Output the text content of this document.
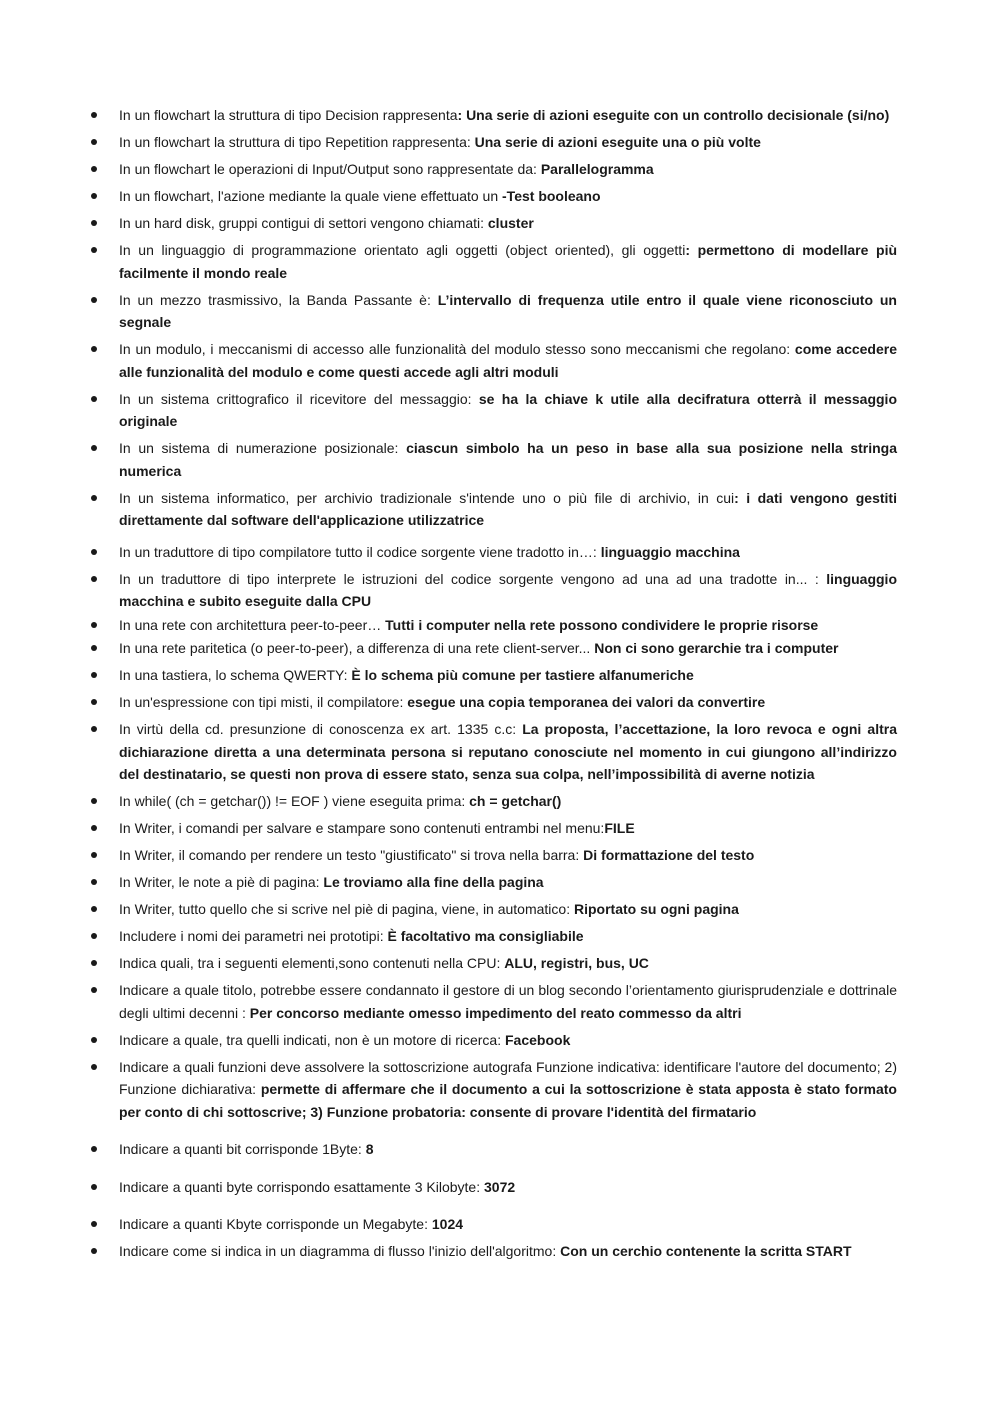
In un flowchart la struttura di tipo Decision rappresenta: Una serie di azioni eseguite con un controllo decisionale (si/no)
In un flowchart la struttura di tipo Repetition rappresenta: Una serie di azioni eseguite una o più volte
In un flowchart le operazioni di Input/Output sono rappresentate da: Parallelogramma
In un flowchart, l'azione mediante la quale viene effettuato un -Test booleano
In un hard disk, gruppi contigui di settori vengono chiamati: cluster
In un linguaggio di programmazione orientato agli oggetti (object oriented), gli oggetti: permettono di modellare più facilmente il mondo reale
In un mezzo trasmissivo, la Banda Passante è: L’intervallo di frequenza utile entro il quale viene riconosciuto un segnale
In un modulo, i meccanismi di accesso alle funzionalità del modulo stesso sono meccanismi che regolano: come accedere alle funzionalità del modulo e come questi accede agli altri moduli
In un sistema crittografico il ricevitore del messaggio: se ha la chiave k utile alla decifratura otterrà il messaggio originale
In un sistema di numerazione posizionale: ciascun simbolo ha un peso in base alla sua posizione nella stringa numerica
In un sistema informatico, per archivio tradizionale s'intende uno o più file di archivio, in cui: i dati vengono gestiti direttamente dal software dell'applicazione utilizzatrice
In un traduttore di tipo compilatore tutto il codice sorgente viene tradotto in…: linguaggio macchina
In un traduttore di tipo interprete le istruzioni del codice sorgente vengono ad una ad una tradotte in... : linguaggio macchina e subito eseguite dalla CPU
In una rete con architettura peer-to-peer… Tutti i computer nella rete possono condividere le proprie risorse
In una rete paritetica (o peer-to-peer), a differenza di una rete client-server... Non ci sono gerarchie tra i computer
In una tastiera, lo schema QWERTY: È lo schema più comune per tastiere alfanumeriche
In un'espressione con tipi misti, il compilatore: esegue una copia temporanea dei valori da convertire
In virtù della cd. presunzione di conoscenza ex art. 1335 c.c: La proposta, l’accettazione, la loro revoca e ogni altra dichiarazione diretta a una determinata persona si reputano conosciute nel momento in cui giungono all’indirizzo del destinatario, se questi non prova di essere stato, senza sua colpa, nell’impossibilità di averne notizia
In while( (ch = getchar()) != EOF ) viene eseguita prima: ch = getchar()
In Writer, i comandi per salvare e stampare sono contenuti entrambi nel menu:FILE
In Writer, il comando per rendere un testo "giustificato" si trova nella barra: Di formattazione del testo
In Writer, le note a piè di pagina: Le troviamo alla fine della pagina
In Writer, tutto quello che si scrive nel piè di pagina, viene, in automatico: Riportato su ogni pagina
Includere i nomi dei parametri nei prototipi: È facoltativo ma consigliabile
Indica quali, tra i seguenti elementi,sono contenuti nella CPU: ALU, registri, bus, UC
Indicare a quale titolo, potrebbe essere condannato il gestore di un blog secondo l’orientamento giurisprudenziale e dottrinale degli ultimi decenni : Per concorso mediante omesso impedimento del reato commesso da altri
Indicare a quale, tra quelli indicati, non è un motore di ricerca: Facebook
Indicare a quali funzioni deve assolvere la sottoscrizione autografa Funzione indicativa: identificare l'autore del documento; 2) Funzione dichiarativa: permette di affermare che il documento a cui la sottoscrizione è stata apposta è stato formato per conto di chi sottoscrive; 3) Funzione probatoria: consente di provare l'identità del firmatario
Indicare a quanti bit corrisponde 1Byte: 8
Indicare a quanti byte corrispondo esattamente 3 Kilobyte: 3072
Indicare a quanti Kbyte corrisponde un Megabyte: 1024
Indicare come si indica in un diagramma di flusso l'inizio dell'algoritmo: Con un cerchio contenente la scritta START
